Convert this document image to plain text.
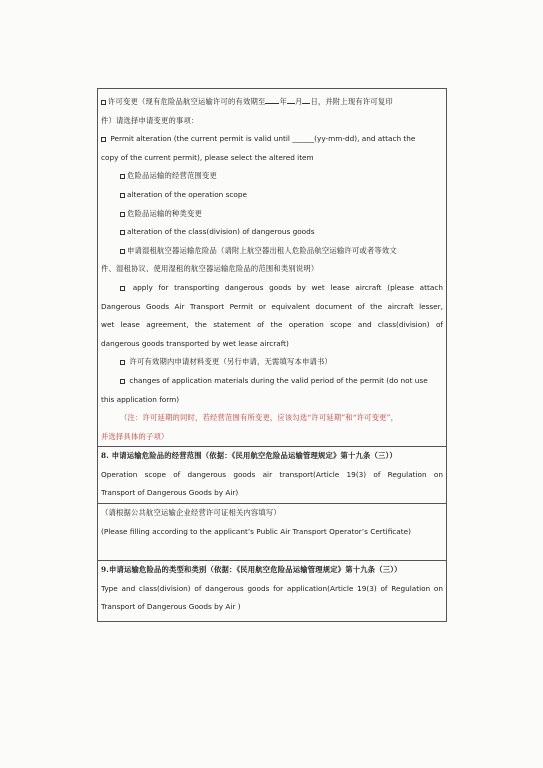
许可变更（现有危险品航空运输许可的有效期至 年 月 日，并附上现有许可复印
件）请选择申请变更的事项：
Permit alteration (the current permit is valid until ______(yy-mm-dd), and attach the
copy of the current permit), please select the altered item
危险品运输的经营范围变更
alteration of the operation scope
危险品运输的种类变更
alteration of the class(division) of dangerous goods
申请湿租航空器运输危险品（请附上航空器出租人危险品航空运输许可或者等效文
件、湿租协议、使用湿租的航空器运输危险品的范围和类别说明）
apply for transporting dangerous goods by wet lease aircraft (please attach
Dangerous Goods Air Transport Permit or equivalent document of the aircraft lesser,
wet lease agreement, the statement of the operation scope and class(division) of
dangerous goods transported by wet lease aircraft)
许可有效期内申请材料变更（另行申请，无需填写本申请书）
changes of application materials during the valid period of the permit (do not use
this application form)
（注：许可延期的同时，若经营范围有所变更，应该勾选“许可延期”和“许可变更”，
并选择具体的子项）

8. 申请运输危险品的经营范围（依据：《民用航空危险品运输管理规定》第十九条（三））
Operation scope of dangerous goods air transport(Article 19(3) of Regulation on
Transport of Dangerous Goods by Air)

（请根据公共航空运输企业经营许可证相关内容填写）
(Please filling according to the applicant’s Public Air Transport Operator’s Certificate)

9.申请运输危险品的类型和类别（依据：《民用航空危险品运输管理规定》第十九条（三））
Type and class(division) of dangerous goods for application(Article 19(3) of Regulation on
Transport of Dangerous Goods by Air )
